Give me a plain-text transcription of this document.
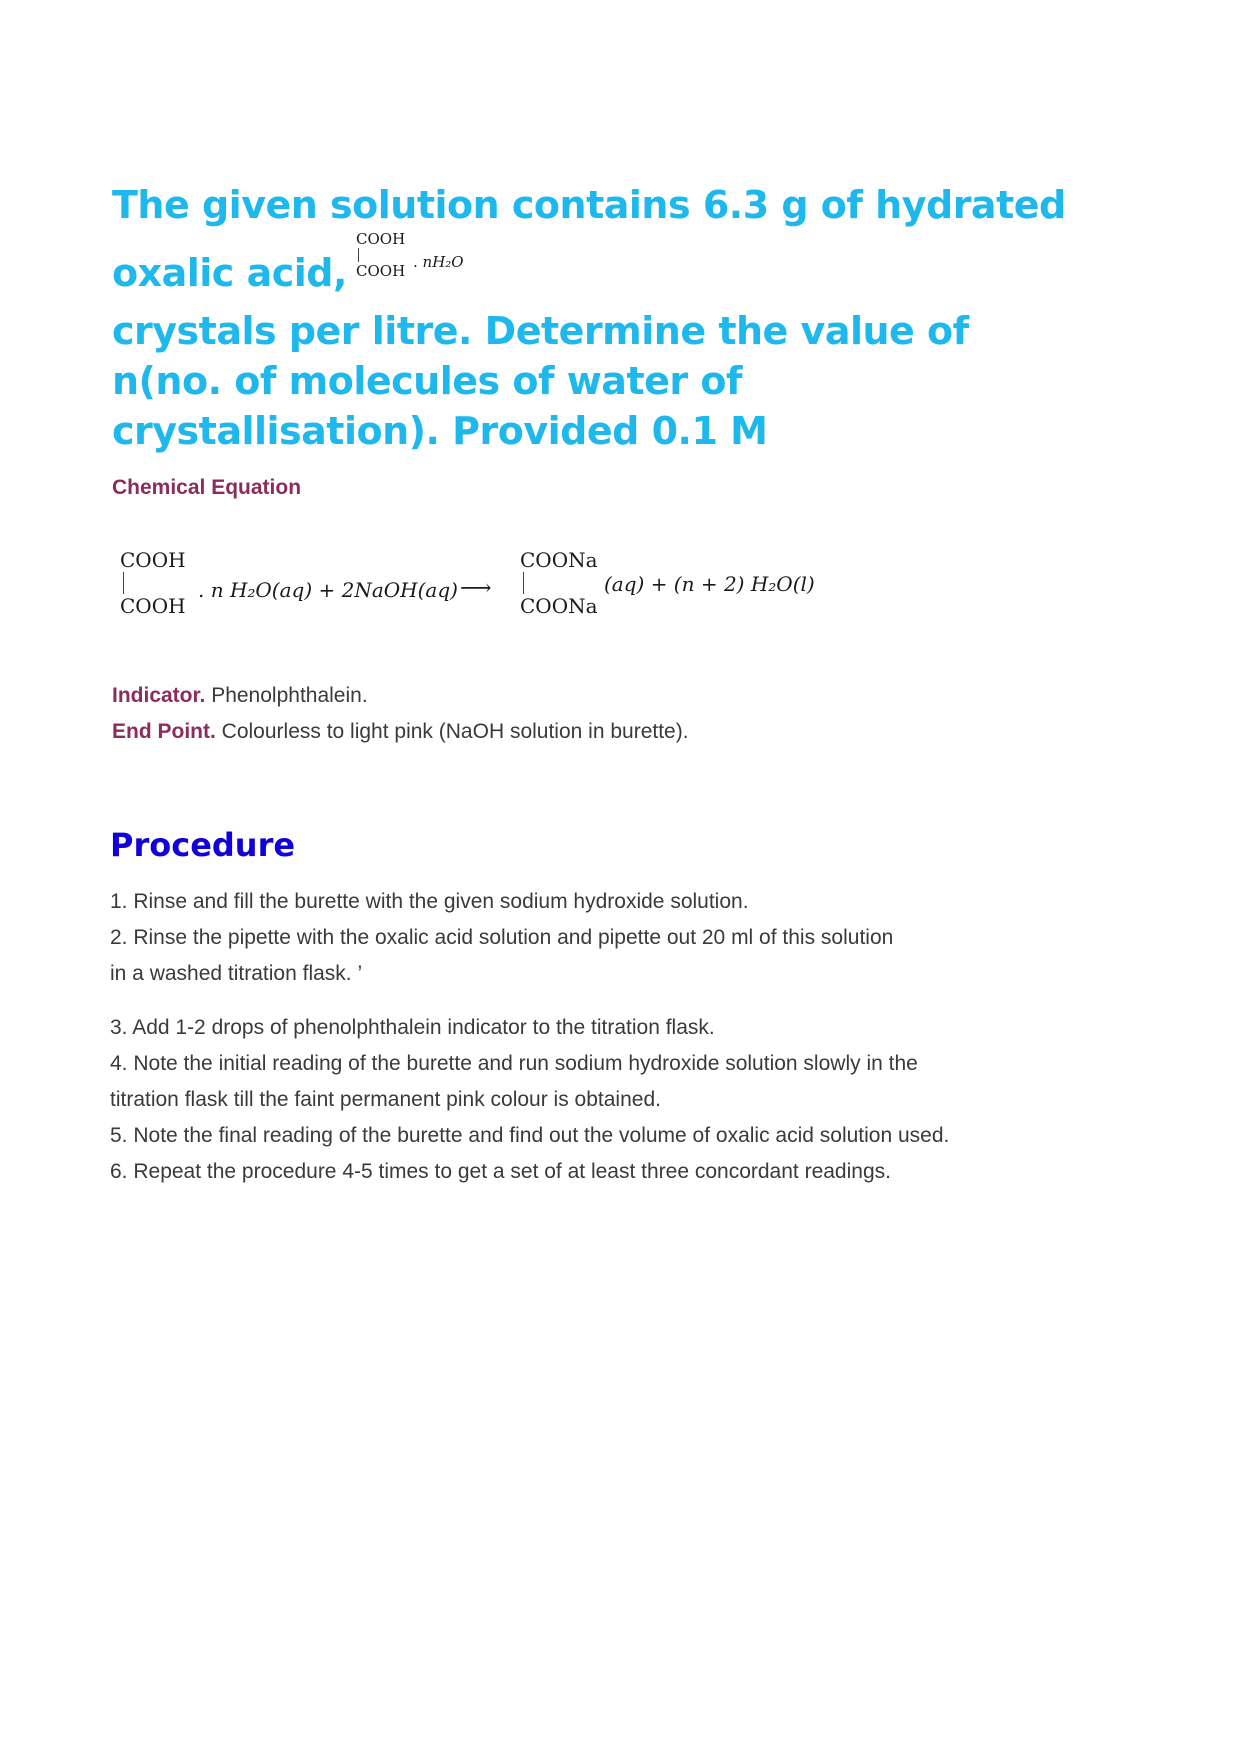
The given solution contains 6.3 g of hydrated
oxalic acid,
crystals per litre. Determine the value of
n(no. of molecules of water of
crystallisation). Provided 0.1 M
COOH
COOH . nH₂O
Chemical Equation
COOH
COOH
. n H₂O(aq) + 2NaOH(aq) ⟶
COONa
COONa
(aq) + (n + 2) H₂O(l)
Indicator. Phenolphthalein.
End Point. Colourless to light pink (NaOH solution in burette).
Procedure
1. Rinse and fill the burette with the given sodium hydroxide solution.
2. Rinse the pipette with the oxalic acid solution and pipette out 20 ml of this solution
in a washed titration flask. ’
3. Add 1-2 drops of phenolphthalein indicator to the titration flask.
4. Note the initial reading of the burette and run sodium hydroxide solution slowly in the
titration flask till the faint permanent pink colour is obtained.
5. Note the final reading of the burette and find out the volume of oxalic acid solution used.
6. Repeat the procedure 4-5 times to get a set of at least three concordant readings.
